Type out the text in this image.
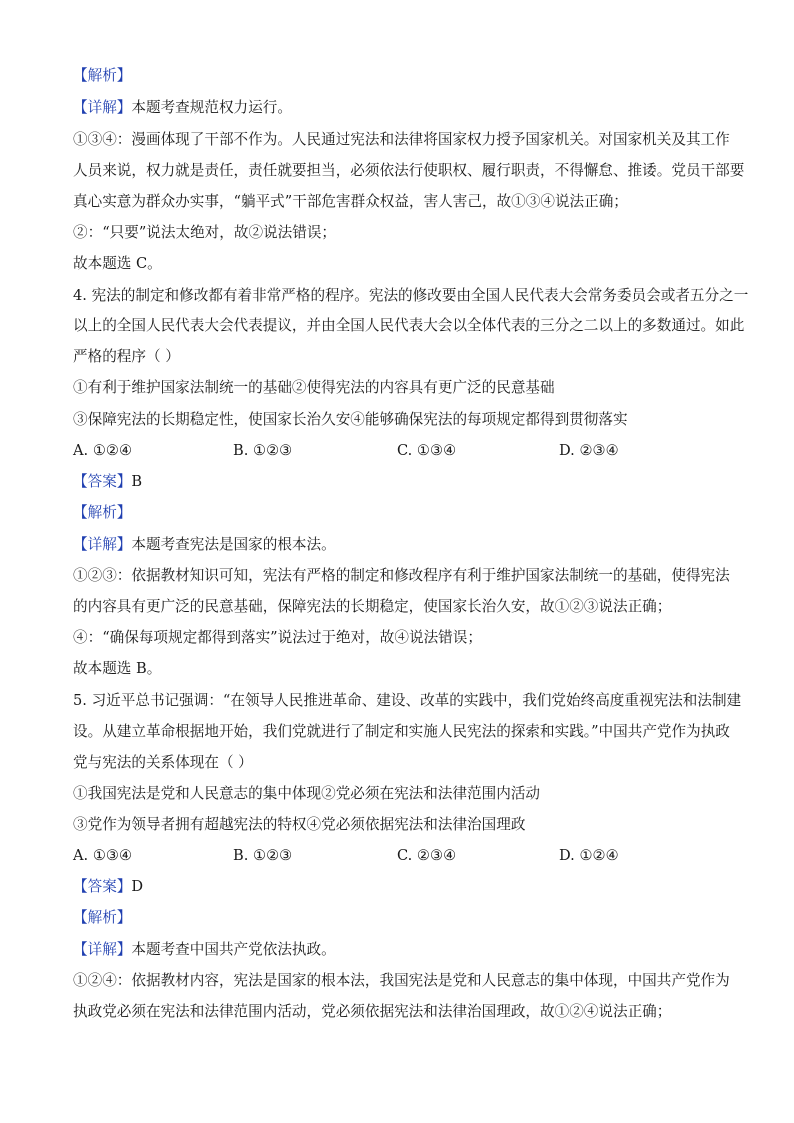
【解析】
【详解】本题考查规范权力运行。
①③④：漫画体现了干部不作为。人民通过宪法和法律将国家权力授予国家机关。对国家机关及其工作
人员来说，权力就是责任，责任就要担当，必须依法行使职权、履行职责，不得懈怠、推诿。党员干部要
真心实意为群众办实事，“躺平式”干部危害群众权益，害人害己，故①③④说法正确；
②：“只要”说法太绝对，故②说法错误；
故本题选 C。
4. 宪法的制定和修改都有着非常严格的程序。宪法的修改要由全国人民代表大会常务委员会或者五分之一
以上的全国人民代表大会代表提议，并由全国人民代表大会以全体代表的三分之二以上的多数通过。如此
严格的程序（ ）
①有利于维护国家法制统一的基础②使得宪法的内容具有更广泛的民意基础
③保障宪法的长期稳定性，使国家长治久安④能够确保宪法的每项规定都得到贯彻落实
A. ①②④	B. ①②③	C. ①③④	D. ②③④
【答案】B
【解析】
【详解】本题考查宪法是国家的根本法。
①②③：依据教材知识可知，宪法有严格的制定和修改程序有利于维护国家法制统一的基础，使得宪法
的内容具有更广泛的民意基础，保障宪法的长期稳定，使国家长治久安，故①②③说法正确；
④：“确保每项规定都得到落实”说法过于绝对，故④说法错误；
故本题选 B。
5. 习近平总书记强调：“在领导人民推进革命、建设、改革的实践中，我们党始终高度重视宪法和法制建
设。从建立革命根据地开始，我们党就进行了制定和实施人民宪法的探索和实践。”中国共产党作为执政
党与宪法的关系体现在（ ）
①我国宪法是党和人民意志的集中体现②党必须在宪法和法律范围内活动
③党作为领导者拥有超越宪法的特权④党必须依据宪法和法律治国理政
A. ①③④	B. ①②③	C. ②③④	D. ①②④
【答案】D
【解析】
【详解】本题考查中国共产党依法执政。
①②④：依据教材内容，宪法是国家的根本法，我国宪法是党和人民意志的集中体现，中国共产党作为
执政党必须在宪法和法律范围内活动，党必须依据宪法和法律治国理政，故①②④说法正确；
